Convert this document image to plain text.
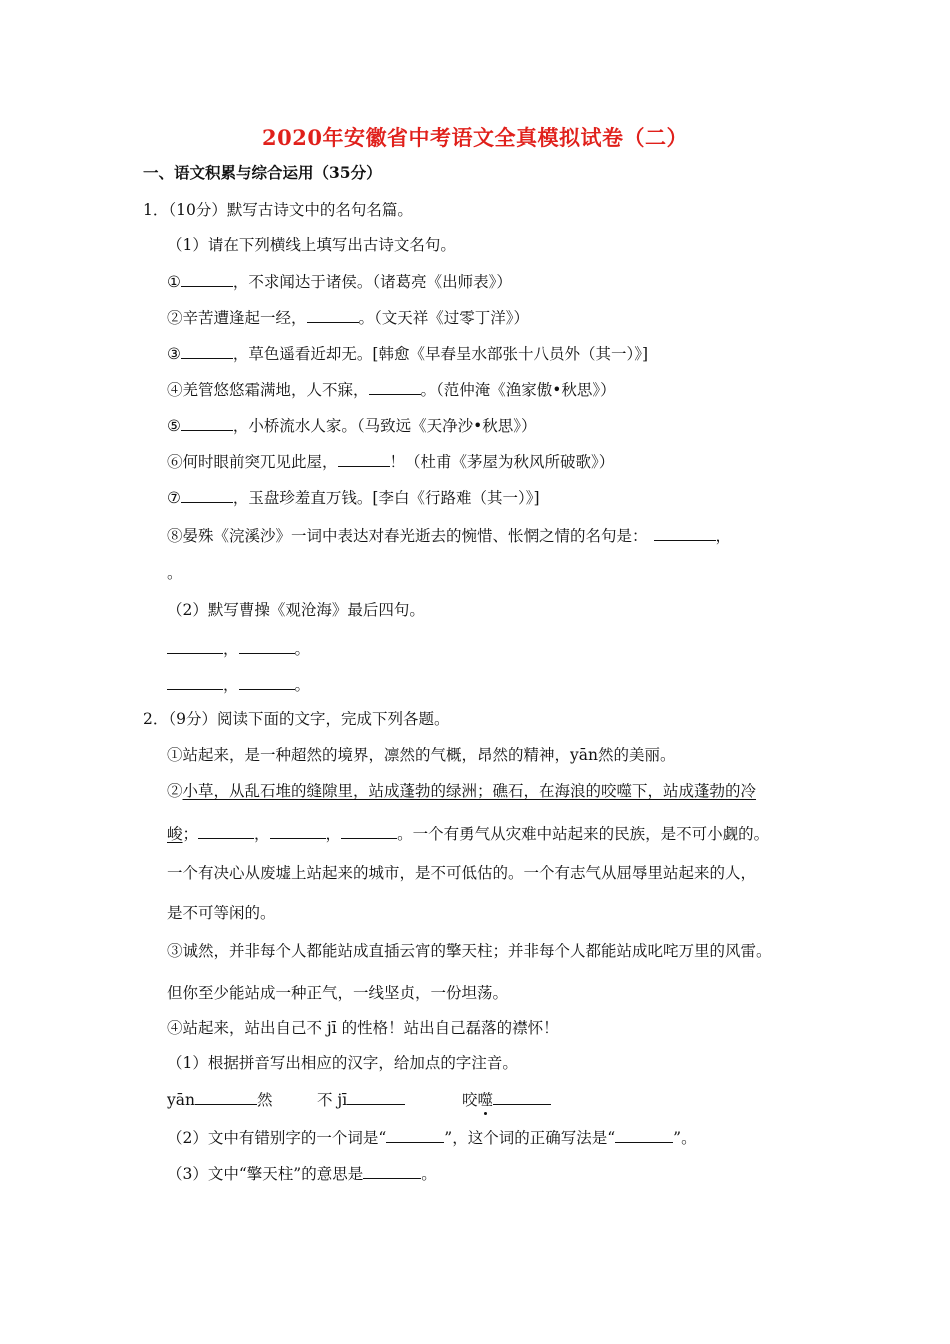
2020年安徽省中考语文全真模拟试卷（二）
一、语文积累与综合运用（35分）
1．（10分）默写古诗文中的名句名篇。
（1）请在下列横线上填写出古诗文名句。
①	，不求闻达于诸侯。（诸葛亮《出师表》）
②辛苦遭逢起一经，	。（文天祥《过零丁洋》）
③	，草色遥看近却无。[韩愈《早春呈水部张十八员外（其一）》]
④羌管悠悠霜满地，人不寐，	。（范仲淹《渔家傲•秋思》）
⑤	，小桥流水人家。（马致远《天净沙•秋思》）
⑥何时眼前突兀见此屋，	！（杜甫《茅屋为秋风所破歌》）
⑦	，玉盘珍羞直万钱。[李白《行路难（其一）》]
⑧晏殊《浣溪沙》一词中表达对春光逝去的惋惜、怅惘之情的名句是：	，
。
（2）默写曹操《观沧海》最后四句。
，	。
，	。
2．（9分）阅读下面的文字，完成下列各题。
①站起来，是一种超然的境界，凛然的气概，昂然的精神，yān然的美丽。
②小草，从乱石堆的缝隙里，站成蓬勃的绿洲；礁石，在海浪的咬噬下，站成蓬勃的冷
峻；	，	，	。一个有勇气从灾难中站起来的民族，是不可小觑的。
一个有决心从废墟上站起来的城市，是不可低估的。一个有志气从屈辱里站起来的人，
是不可等闲的。
③诚然，并非每个人都能站成直插云宵的擎天柱；并非每个人都能站成叱咤万里的风雷。
但你至少能站成一种正气，一线坚贞，一份坦荡。
④站起来，站出自己不 jī 的性格！站出自己磊落的襟怀！
（1）根据拼音写出相应的汉字，给加点的字注音。
yān	然	不 jī	咬噬
（2）文中有错别字的一个词是“	”，这个词的正确写法是“	”。
（3）文中“擎天柱”的意思是	。
